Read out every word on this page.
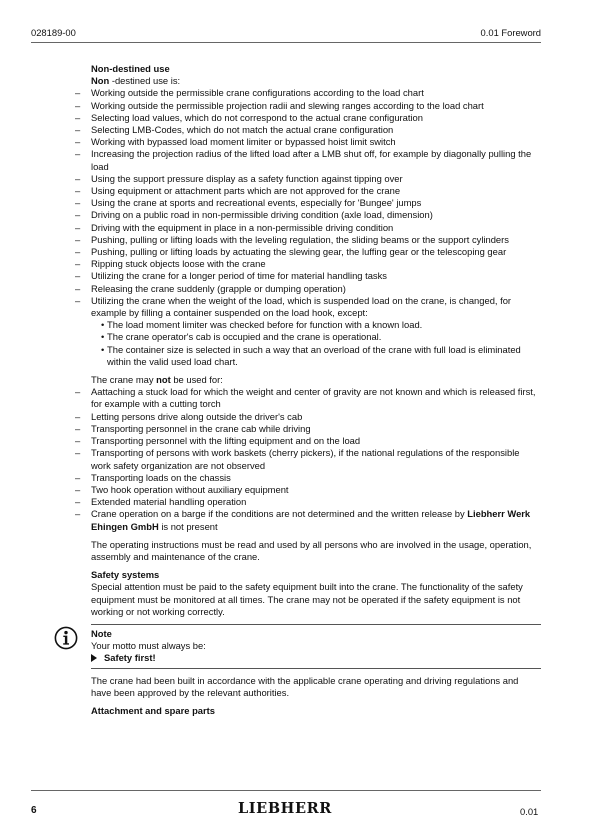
028189-00	0.01 Foreword

Non-destined use

Non -destined use is:

–	Working outside the permissible crane configurations according to the load chart
–	Working outside the permissible projection radii and slewing ranges according to the load chart
–	Selecting load values, which do not correspond to the actual crane configuration
–	Selecting LMB-Codes, which do not match the actual crane configuration
–	Working with bypassed load moment limiter or bypassed hoist limit switch
–	Increasing the projection radius of the lifted load after a LMB shut off, for example by diagonally pulling the load
–	Using the support pressure display as a safety function against tipping over
–	Using equipment or attachment parts which are not approved for the crane
–	Using the crane at sports and recreational events, especially for 'Bungee' jumps
–	Driving on a public road in non-permissible driving condition (axle load, dimension)
–	Driving with the equipment in place in a non-permissible driving condition
–	Pushing, pulling or lifting loads with the leveling regulation, the sliding beams or the support cylinders
–	Pushing, pulling or lifting loads by actuating the slewing gear, the luffing gear or the telescoping gear
–	Ripping stuck objects loose with the crane
–	Utilizing the crane for a longer period of time for material handling tasks
–	Releasing the crane suddenly (grapple or dumping operation)
–	Utilizing the crane when the weight of the load, which is suspended load on the crane, is changed, for example by filling a container suspended on the load hook, except:
• The load moment limiter was checked before for function with a known load.
• The crane operator's cab is occupied and the crane is operational.
• The container size is selected in such a way that an overload of the crane with full load is eliminated within the valid used load chart.

The crane may not be used for:

–	Aattaching a stuck load for which the weight and center of gravity are not known and which is released first, for example with a cutting torch
–	Letting persons drive along outside the driver's cab
–	Transporting personnel in the crane cab while driving
–	Transporting personnel with the lifting equipment and on the load
–	Transporting of persons with work baskets (cherry pickers), if the national regulations of the responsible work safety organization are not observed
–	Transporting loads on the chassis
–	Two hook operation without auxiliary equipment
–	Extended material handling operation
–	Crane operation on a barge if the conditions are not determined and the written release by Liebherr Werk Ehingen GmbH is not present

The operating instructions must be read and used by all persons who are involved in the usage, operation, assembly and maintenance of the crane.

Safety systems

Special attention must be paid to the safety equipment built into the crane. The functionality of the safety equipment must be monitored at all times. The crane may not be operated if the safety equipment is not working or not working correctly.

Note

Your motto must always be:

Safety first!

The crane had been built in accordance with the applicable crane operating and driving regulations and have been approved by the relevant authorities.

Attachment and spare parts

6	LIEBHERR	0.01
